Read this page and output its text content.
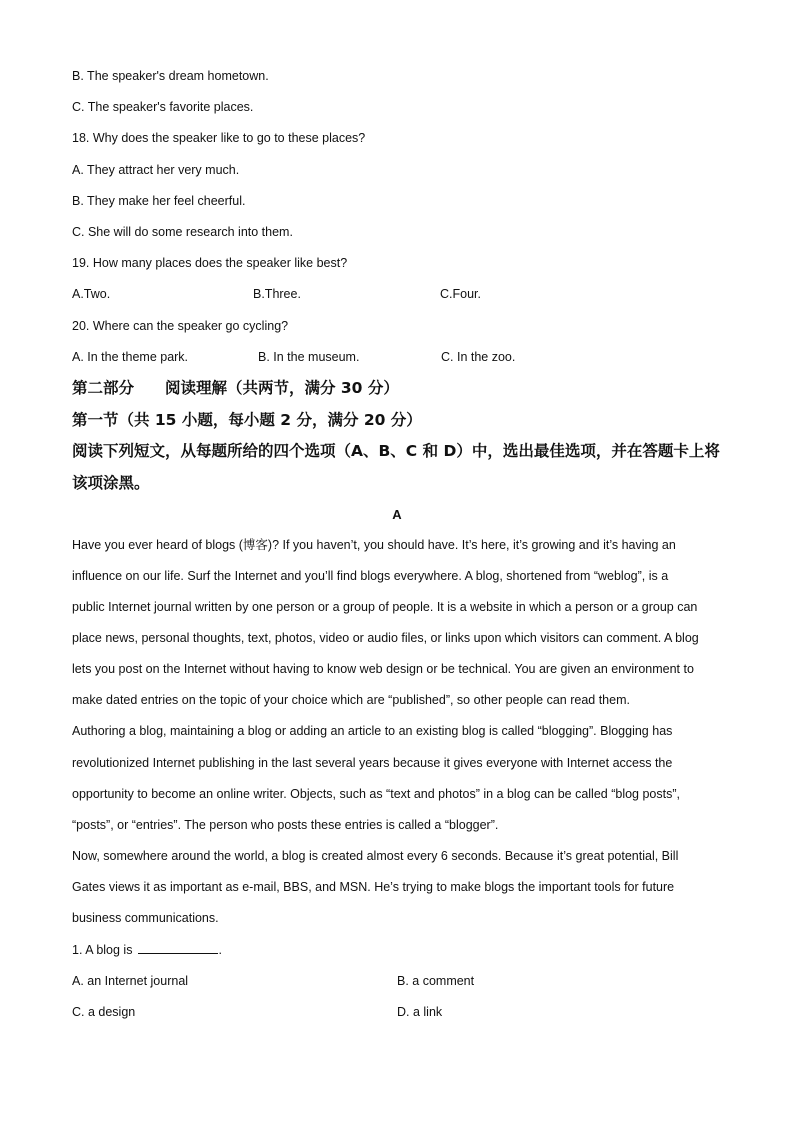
B. The speaker's dream hometown.
C. The speaker's favorite places.
18. Why does the speaker like to go to these places?
A. They attract her very much.
B. They make her feel cheerful.
C. She will do some research into them.
19. How many places does the speaker like best?
A.Two.	B.Three.	C.Four.
20. Where can the speaker go cycling?
A. In the theme park.	B. In the museum.	C. In the zoo.
第二部分　　阅读理解（共两节，满分 30 分）
第一节（共 15 小题，每小题 2 分，满分 20 分）
阅读下列短文，从每题所给的四个选项（A、B、C 和 D）中，选出最佳选项，并在答题卡上将
该项涂黑。
A
Have you ever heard of blogs (博客)? If you haven’t, you should have. It’s here, it’s growing and it’s having an
influence on our life. Surf the Internet and you’ll find blogs everywhere. A blog, shortened from “weblog”, is a
public Internet journal written by one person or a group of people. It is a website in which a person or a group can
place news, personal thoughts, text, photos, video or audio files, or links upon which visitors can comment. A blog
lets you post on the Internet without having to know web design or be technical. You are given an environment to
make dated entries on the topic of your choice which are “published”, so other people can read them.
Authoring a blog, maintaining a blog or adding an article to an existing blog is called “blogging”. Blogging has
revolutionized Internet publishing in the last several years because it gives everyone with Internet access the
opportunity to become an online writer. Objects, such as “text and photos” in a blog can be called “blog posts”,
“posts”, or “entries”. The person who posts these entries is called a “blogger”.
Now, somewhere around the world, a blog is created almost every 6 seconds. Because it’s great potential, Bill
Gates views it as important as e-mail, BBS, and MSN. He’s trying to make blogs the important tools for future
business communications.
1. A blog is	.
A. an Internet journal	B. a comment
C. a design	D. a link
